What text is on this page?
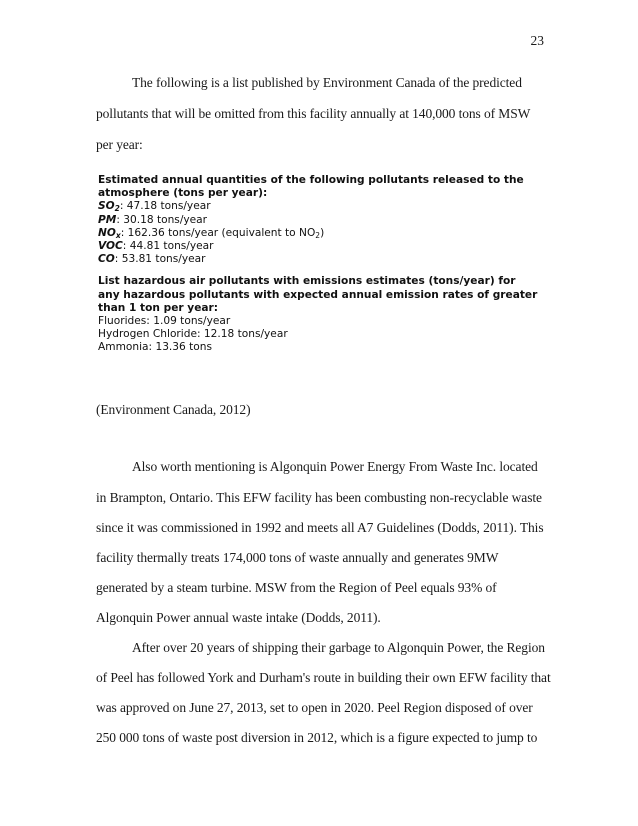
23
The following is a list published by Environment Canada of the predicted
pollutants that will be omitted from this facility annually at 140,000 tons of MSW
per year:
Estimated annual quantities of the following pollutants released to the
atmosphere (tons per year):
$SO_2$: 47.18 tons/year
PM: 30.18 tons/year
$NO_x$: 162.36 tons/year (equivalent to $NO_2$)
VOC: 44.81 tons/year
CO: 53.81 tons/year
List hazardous air pollutants with emissions estimates (tons/year) for
any hazardous pollutants with expected annual emission rates of greater
than 1 ton per year:
Fluorides: 1.09 tons/year
Hydrogen Chloride: 12.18 tons/year
Ammonia: 13.36 tons
(Environment Canada, 2012)
Also worth mentioning is Algonquin Power Energy From Waste Inc. located
in Brampton, Ontario. This EFW facility has been combusting non-recyclable waste
since it was commissioned in 1992 and meets all A7 Guidelines (Dodds, 2011). This
facility thermally treats 174,000 tons of waste annually and generates 9MW
generated by a steam turbine. MSW from the Region of Peel equals 93% of
Algonquin Power annual waste intake (Dodds, 2011).
After over 20 years of shipping their garbage to Algonquin Power, the Region
of Peel has followed York and Durham's route in building their own EFW facility that
was approved on June 27, 2013, set to open in 2020. Peel Region disposed of over
250 000 tons of waste post diversion in 2012, which is a figure expected to jump to
